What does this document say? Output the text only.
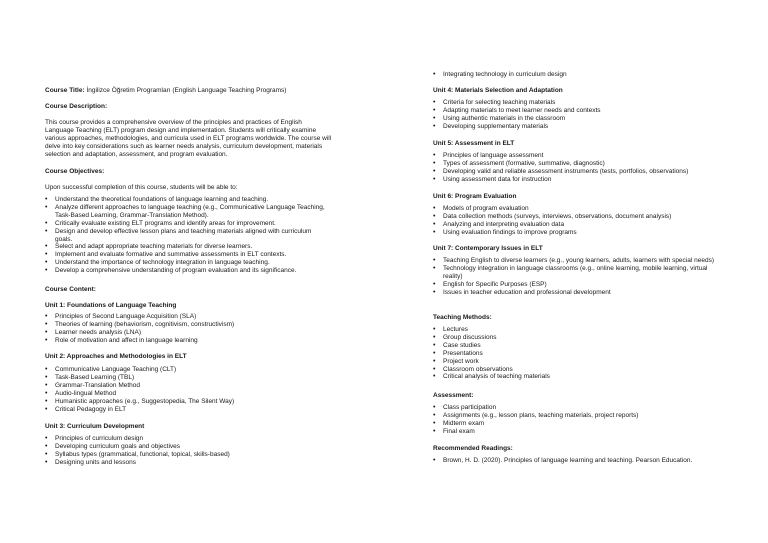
Course Title: İngilizce Öğretim Programları (English Language Teaching Programs)

Course Description:

This course provides a comprehensive overview of the principles and practices of English Language Teaching (ELT) program design and implementation. Students will critically examine various approaches, methodologies, and curricula used in ELT programs worldwide. The course will delve into key considerations such as learner needs analysis, curriculum development, materials selection and adaptation, assessment, and program evaluation.

Course Objectives:

Upon successful completion of this course, students will be able to:

• Understand the theoretical foundations of language learning and teaching.
• Analyze different approaches to language teaching (e.g., Communicative Language Teaching, Task-Based Learning, Grammar-Translation Method).
• Critically evaluate existing ELT programs and identify areas for improvement.
• Design and develop effective lesson plans and teaching materials aligned with curriculum goals.
• Select and adapt appropriate teaching materials for diverse learners.
• Implement and evaluate formative and summative assessments in ELT contexts.
• Understand the importance of technology integration in language teaching.
• Develop a comprehensive understanding of program evaluation and its significance.

Course Content:

Unit 1: Foundations of Language Teaching

• Principles of Second Language Acquisition (SLA)
• Theories of learning (behaviorism, cognitivism, constructivism)
• Learner needs analysis (LNA)
• Role of motivation and affect in language learning

Unit 2: Approaches and Methodologies in ELT

• Communicative Language Teaching (CLT)
• Task-Based Learning (TBL)
• Grammar-Translation Method
• Audio-lingual Method
• Humanistic approaches (e.g., Suggestopedia, The Silent Way)
• Critical Pedagogy in ELT

Unit 3: Curriculum Development

• Principles of curriculum design
• Developing curriculum goals and objectives
• Syllabus types (grammatical, functional, topical, skills-based)
• Designing units and lessons
• Integrating technology in curriculum design

Unit 4: Materials Selection and Adaptation

• Criteria for selecting teaching materials
• Adapting materials to meet learner needs and contexts
• Using authentic materials in the classroom
• Developing supplementary materials

Unit 5: Assessment in ELT

• Principles of language assessment
• Types of assessment (formative, summative, diagnostic)
• Developing valid and reliable assessment instruments (tests, portfolios, observations)
• Using assessment data for instruction

Unit 6: Program Evaluation

• Models of program evaluation
• Data collection methods (surveys, interviews, observations, document analysis)
• Analyzing and interpreting evaluation data
• Using evaluation findings to improve programs

Unit 7: Contemporary Issues in ELT

• Teaching English to diverse learners (e.g., young learners, adults, learners with special needs)
• Technology integration in language classrooms (e.g., online learning, mobile learning, virtual reality)
• English for Specific Purposes (ESP)
• Issues in teacher education and professional development

Teaching Methods:

• Lectures
• Group discussions
• Case studies
• Presentations
• Project work
• Classroom observations
• Critical analysis of teaching materials

Assessment:

• Class participation
• Assignments (e.g., lesson plans, teaching materials, project reports)
• Midterm exam
• Final exam

Recommended Readings:

• Brown, H. D. (2020). Principles of language learning and teaching. Pearson Education.
